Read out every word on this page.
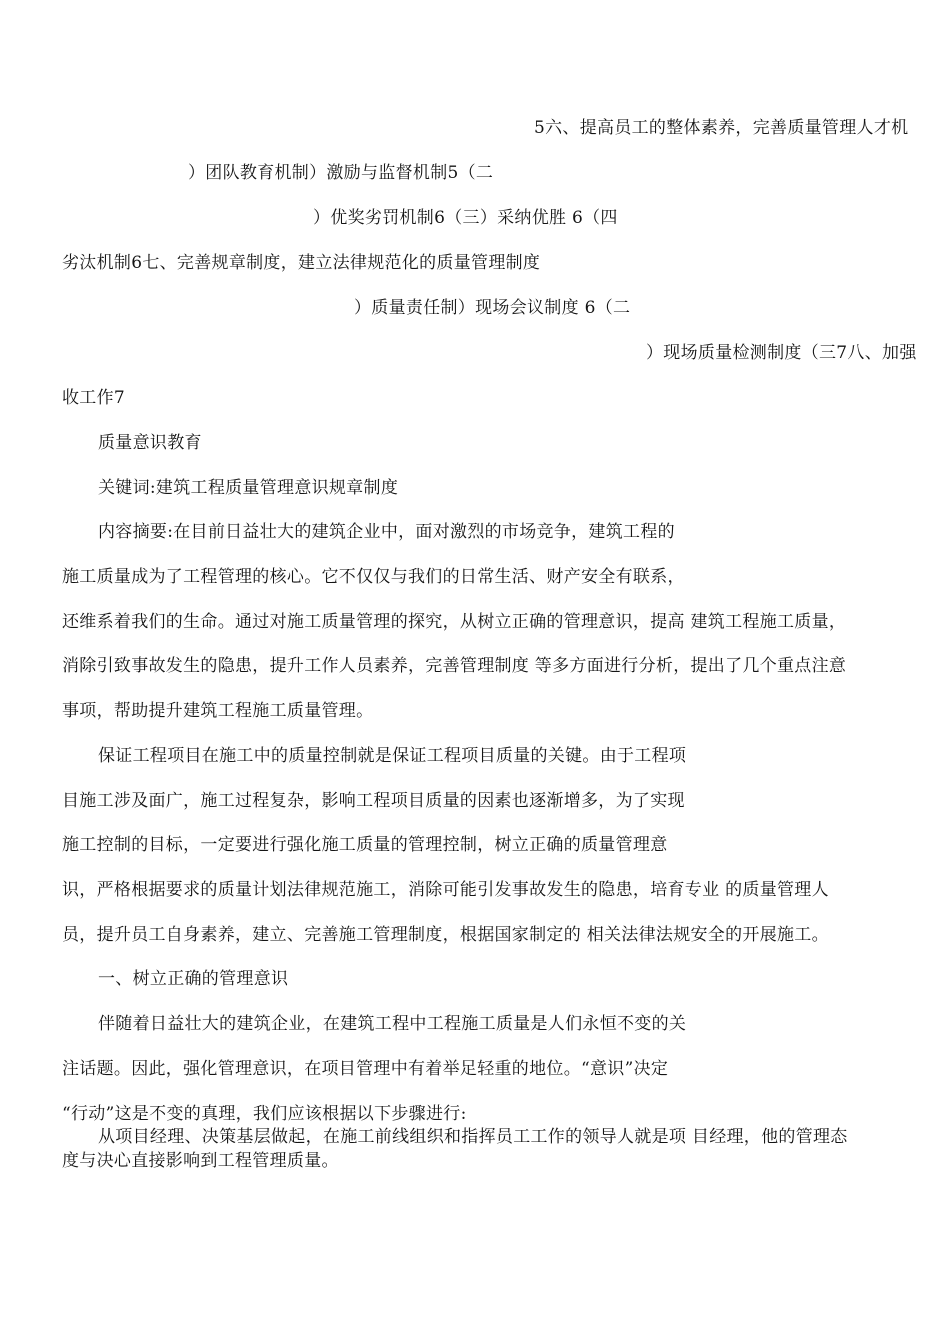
5六、提高员工的整体素养，完善质量管理人才机
）团队教育机制）激励与监督机制5（二
）优奖劣罚机制6（三）采纳优胜 6（四
劣汰机制6七、完善规章制度，建立法律规范化的质量管理制度
）质量责任制）现场会议制度 6（二
）现场质量检测制度（三7八、加强
收工作7
质量意识教育
关键词:建筑工程质量管理意识规章制度
内容摘要:在目前日益壮大的建筑企业中，面对激烈的市场竞争，建筑工程的
施工质量成为了工程管理的核心。它不仅仅与我们的日常生活、财产安全有联系，
还维系着我们的生命。通过对施工质量管理的探究，从树立正确的管理意识，提高 建筑工程施工质量，
消除引致事故发生的隐患，提升工作人员素养，完善管理制度 等多方面进行分析，提出了几个重点注意
事项，帮助提升建筑工程施工质量管理。
保证工程项目在施工中的质量控制就是保证工程项目质量的关键。由于工程项
目施工涉及面广，施工过程复杂，影响工程项目质量的因素也逐渐增多，为了实现
施工控制的目标，一定要进行强化施工质量的管理控制，树立正确的质量管理意
识，严格根据要求的质量计划法律规范施工，消除可能引发事故发生的隐患，培育专业 的质量管理人
员，提升员工自身素养，建立、完善施工管理制度，根据国家制定的 相关法律法规安全的开展施工。
一、树立正确的管理意识
伴随着日益壮大的建筑企业，在建筑工程中工程施工质量是人们永恒不变的关
注话题。因此，强化管理意识，在项目管理中有着举足轻重的地位。“意识”决定
“行动”这是不变的真理，我们应该根据以下步骤进行:
从项目经理、决策基层做起，在施工前线组织和指挥员工工作的领导人就是项 目经理，他的管理态
度与决心直接影响到工程管理质量。
